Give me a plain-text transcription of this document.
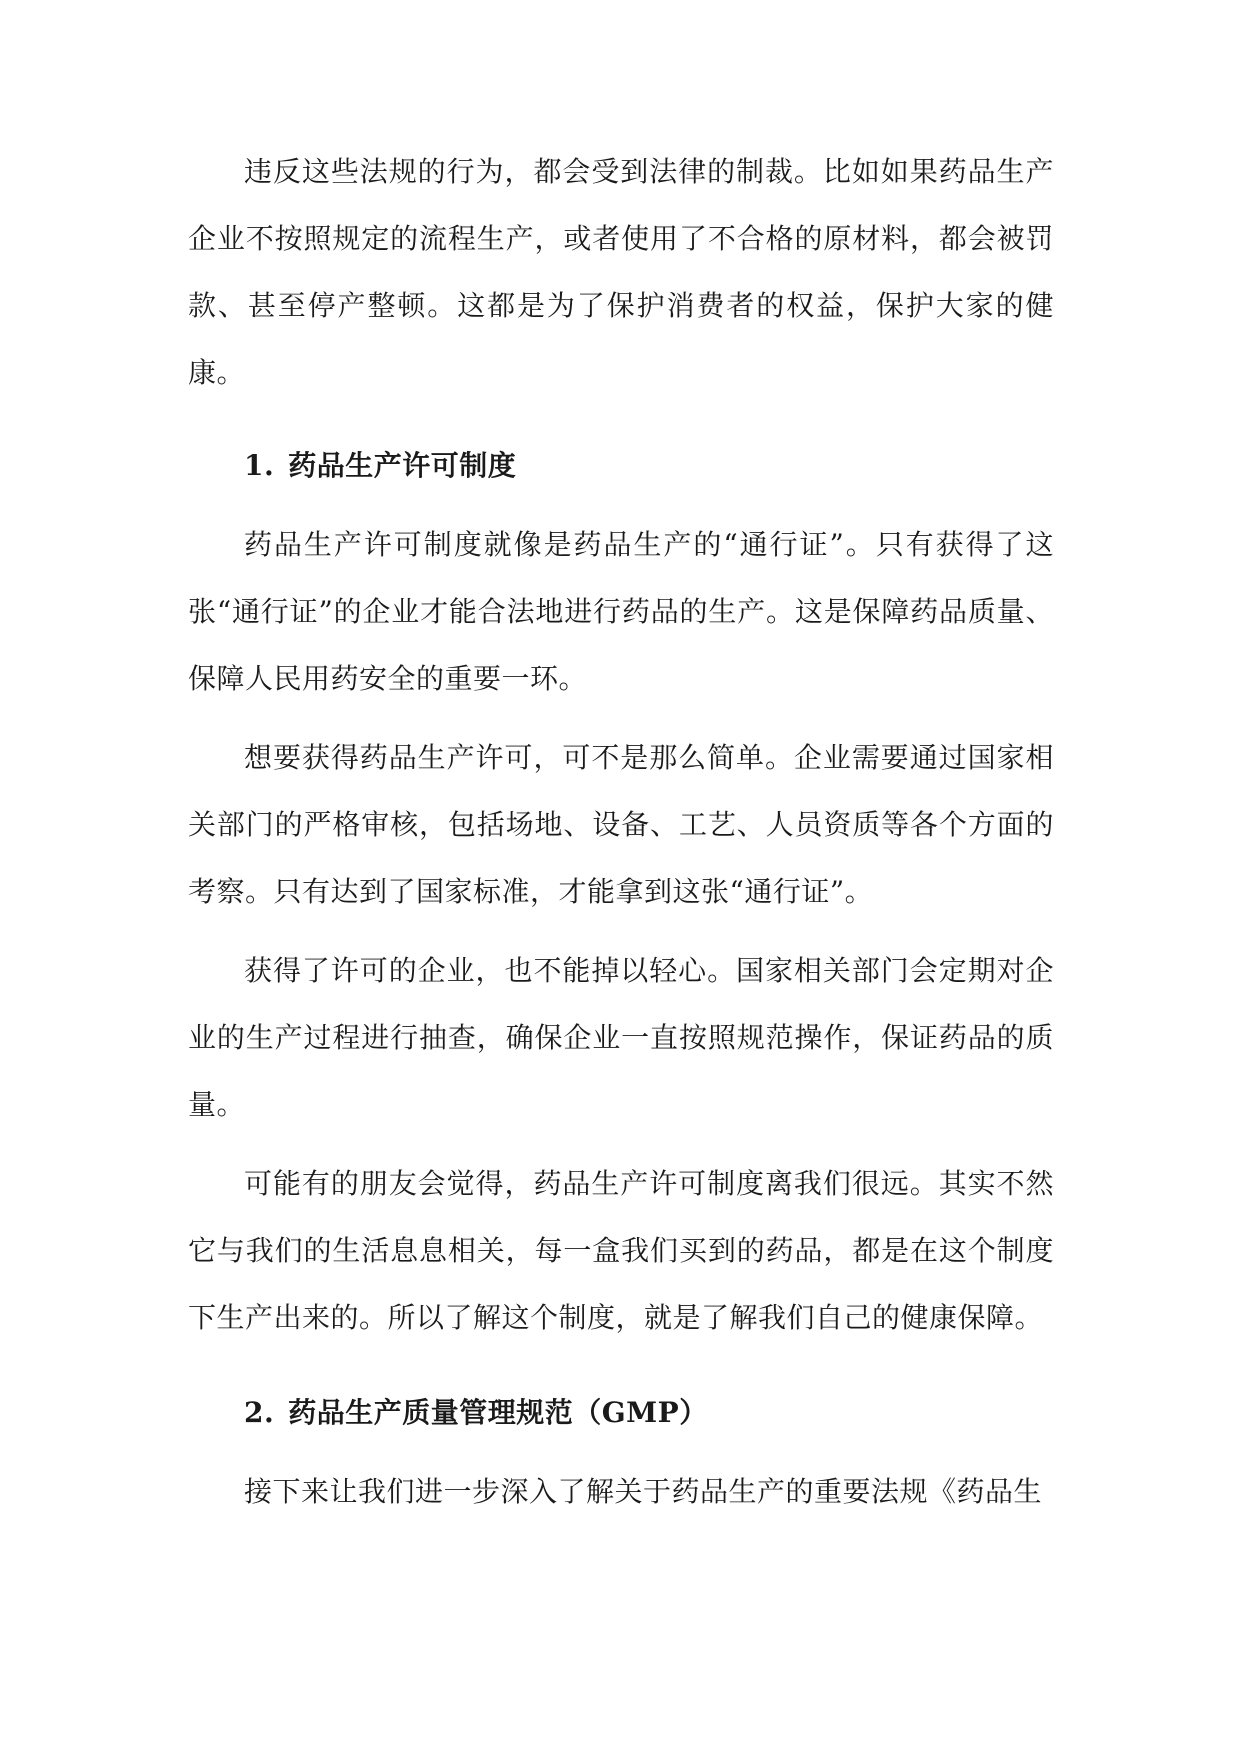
违反这些法规的行为，都会受到法律的制裁。比如如果药品生产企业不按照规定的流程生产，或者使用了不合格的原材料，都会被罚款、甚至停产整顿。这都是为了保护消费者的权益，保护大家的健康。

1. 药品生产许可制度

药品生产许可制度就像是药品生产的“通行证”。只有获得了这张“通行证”的企业才能合法地进行药品的生产。这是保障药品质量、保障人民用药安全的重要一环。

想要获得药品生产许可，可不是那么简单。企业需要通过国家相关部门的严格审核，包括场地、设备、工艺、人员资质等各个方面的考察。只有达到了国家标准，才能拿到这张“通行证”。

获得了许可的企业，也不能掉以轻心。国家相关部门会定期对企业的生产过程进行抽查，确保企业一直按照规范操作，保证药品的质量。

可能有的朋友会觉得，药品生产许可制度离我们很远。其实不然它与我们的生活息息相关，每一盒我们买到的药品，都是在这个制度下生产出来的。所以了解这个制度，就是了解我们自己的健康保障。

2. 药品生产质量管理规范（GMP）

接下来让我们进一步深入了解关于药品生产的重要法规《药品生
